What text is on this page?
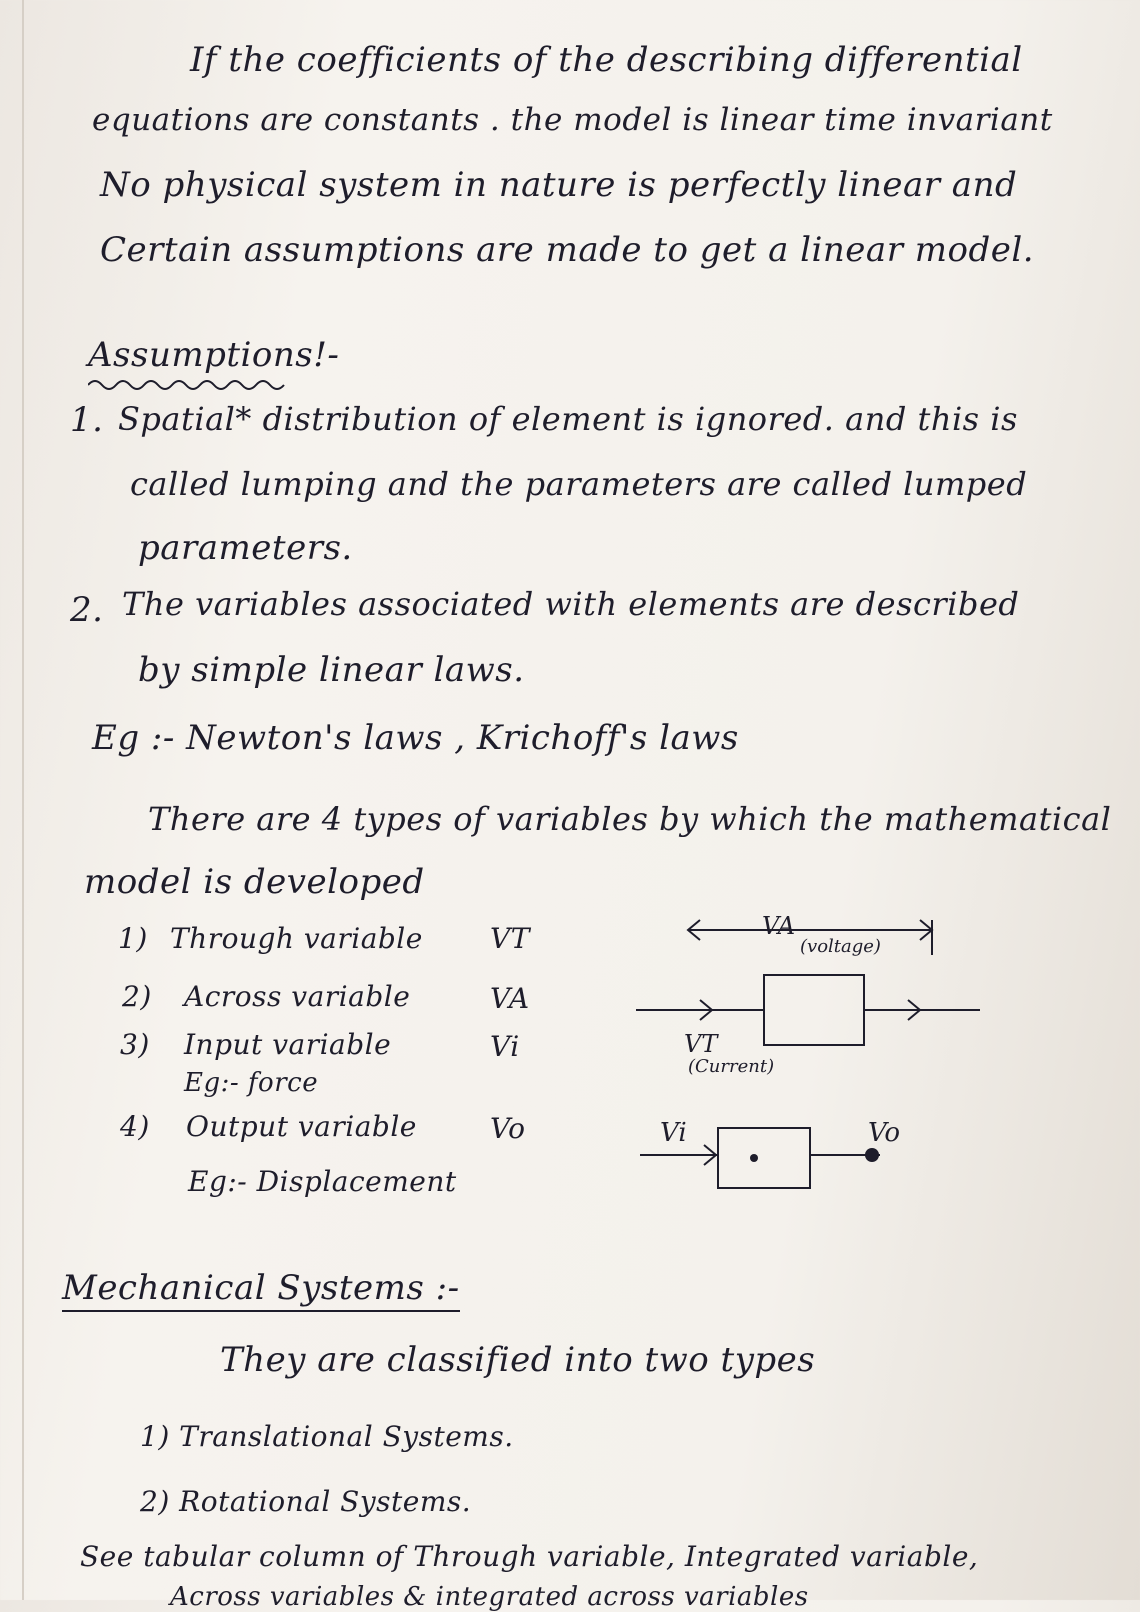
If the coefficients of the describing differential
equations are constants . the model is linear time invariant
No physical system in nature is perfectly linear and
Certain assumptions are made to get a linear model.
Assumptions!-
1. Spatial* distribution of element is ignored. and this is
called lumping and the parameters are called lumped
parameters.
2. The variables associated with elements are described
by simple linear laws.
Eg :- Newton's laws , Krichoff's laws
There are 4 types of variables by which the mathematical
model is developed
1) Through variable VT
2) Across variable	VA
3) Input variable	Vi
Eg:- force
4) Output variable	Vo
Eg:- Displacement
VA
(voltage)
VT
(Current)
Vi	Vo
Mechanical Systems :-
They are classified into two types
1) Translational Systems.
2) Rotational Systems.
See tabular column of Through variable, Integrated variable,
Across variables & integrated across variables
